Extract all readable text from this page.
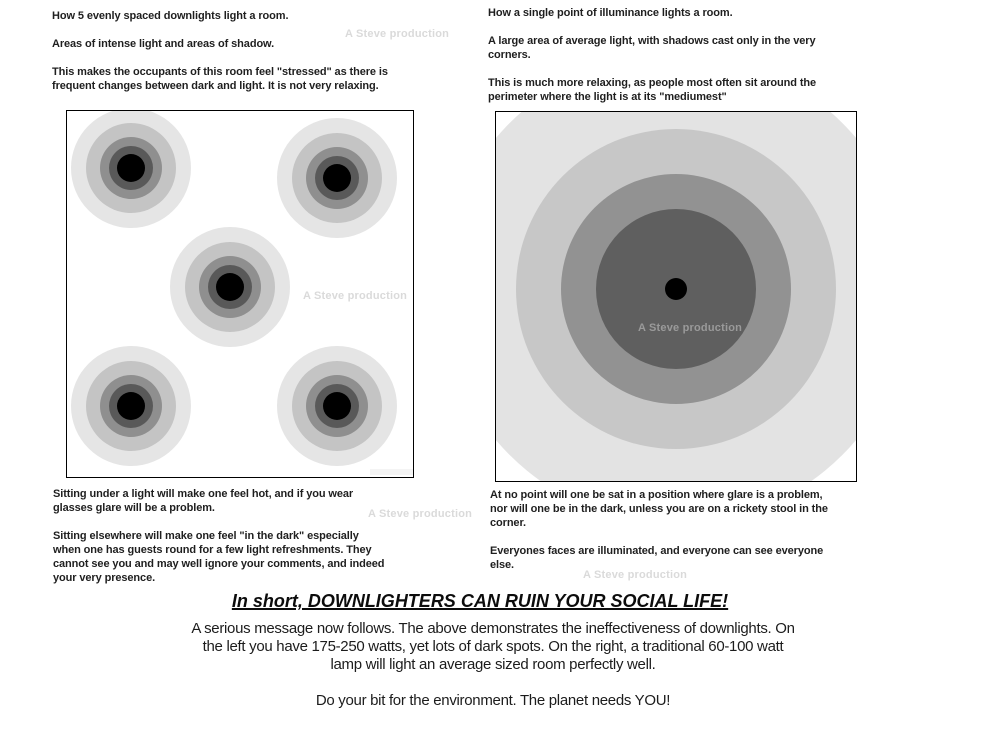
A Steve production
How 5 evenly spaced downlights light a room.

Areas of intense light and areas of shadow.

This makes the occupants of this room feel "stressed" as there is
frequent changes between dark and light. It is not very relaxing.
How a single point of illuminance lights a room.

A large area of average light, with shadows cast only in the very
corners.

This is much more relaxing, as people most often sit around the
perimeter where the light is at its "mediumest"
A Steve production
A Steve production
Sitting under a light will make one feel hot, and if you wear
glasses glare will be a problem.

Sitting elsewhere will make one feel "in the dark" especially
when one has guests round for a few light refreshments. They
cannot see you and may well ignore your comments, and indeed
your very presence.
A Steve production
At no point will one be sat in a position where glare is a problem,
nor will one be in the dark, unless you are on a rickety stool in the
corner.

Everyones faces are illuminated, and everyone can see everyone
else.
A Steve production
In short, DOWNLIGHTERS CAN RUIN YOUR SOCIAL LIFE!
A serious message now follows. The above demonstrates the ineffectiveness of downlights. On
the left you have 175-250 watts, yet lots of dark spots. On the right, a traditional 60-100 watt
lamp will light an average sized room perfectly well.
Do your bit for the environment. The planet needs YOU!
